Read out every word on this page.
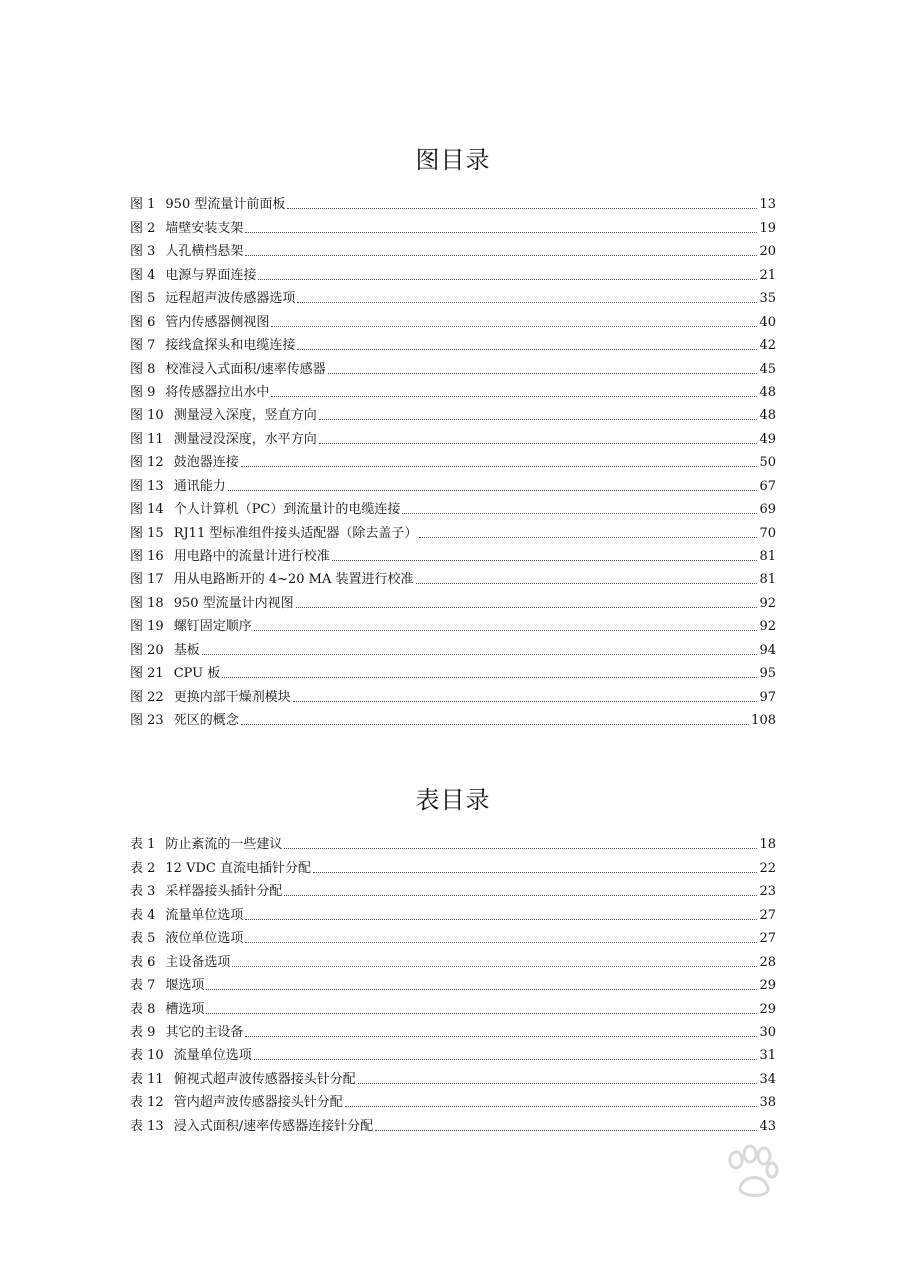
图目录
图 1 950 型流量计前面板	13
图 2 墙壁安装支架	19
图 3 人孔横档悬架	20
图 4 电源与界面连接	21
图 5 远程超声波传感器选项	35
图 6 管内传感器侧视图	40
图 7 接线盒探头和电缆连接	42
图 8 校准浸入式面积/速率传感器	45
图 9 将传感器拉出水中	48
图 10 测量浸入深度，竖直方向	48
图 11 测量浸没深度，水平方向	49
图 12 鼓泡器连接	50
图 13 通讯能力	67
图 14 个人计算机（PC）到流量计的电缆连接	69
图 15 RJ11 型标准组件接头适配器（除去盖子）	70
图 16 用电路中的流量计进行校准	81
图 17 用从电路断开的 4~20 MA 装置进行校准	81
图 18 950 型流量计内视图	92
图 19 螺钉固定顺序	92
图 20 基板	94
图 21 CPU 板	95
图 22 更换内部干燥剂模块	97
图 23 死区的概念	108
表目录
表 1 防止紊流的一些建议	18
表 2 12 VDC 直流电插针分配	22
表 3 采样器接头插针分配	23
表 4 流量单位选项	27
表 5 液位单位选项	27
表 6 主设备选项	28
表 7 堰选项	29
表 8 槽选项	29
表 9 其它的主设备	30
表 10 流量单位选项	31
表 11 俯视式超声波传感器接头针分配	34
表 12 管内超声波传感器接头针分配	38
表 13 浸入式面积/速率传感器连接针分配	43
